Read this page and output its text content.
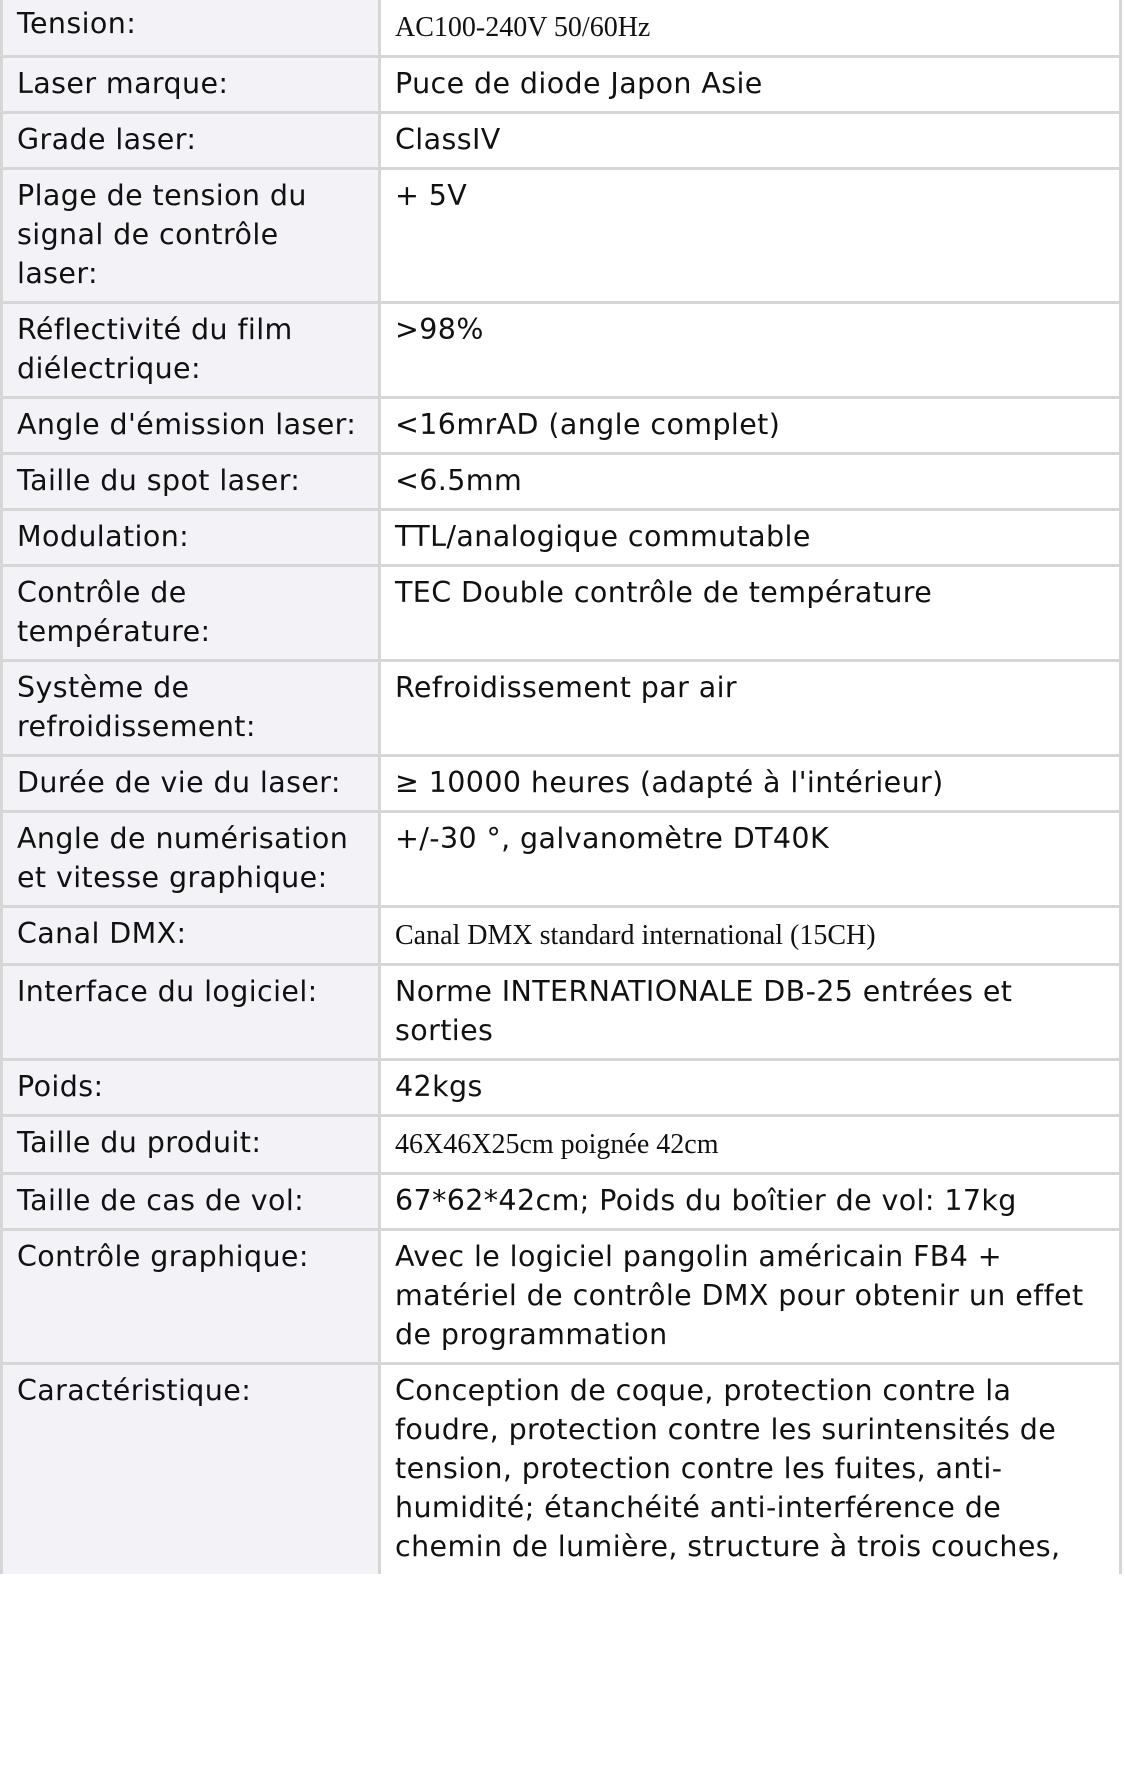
Tension:	AC100-240V 50/60Hz
Laser marque:	Puce de diode Japon Asie
Grade laser:	ClassIV
Plage de tension du signal de contrôle laser:	+ 5V
Réflectivité du film diélectrique:	>98%
Angle d'émission laser:	<16mrAD (angle complet)
Taille du spot laser:	<6.5mm
Modulation:	TTL/analogique commutable
Contrôle de température:	TEC Double contrôle de température
Système de refroidissement:	Refroidissement par air
Durée de vie du laser:	≥ 10000 heures (adapté à l'intérieur)
Angle de numérisation et vitesse graphique:	+/-30 °, galvanomètre DT40K
Canal DMX:	Canal DMX standard international (15CH)
Interface du logiciel:	Norme INTERNATIONALE DB-25 entrées et sorties
Poids:	42kgs
Taille du produit:	46X46X25cm poignée 42cm
Taille de cas de vol:	67*62*42cm; Poids du boîtier de vol: 17kg
Contrôle graphique:	Avec le logiciel pangolin américain FB4 + matériel de contrôle DMX pour obtenir un effet de programmation
Caractéristique:	Conception de coque, protection contre la foudre, protection contre les surintensités de tension, protection contre les fuites, anti-humidité; étanchéité anti-interférence de chemin de lumière, structure à trois couches,
